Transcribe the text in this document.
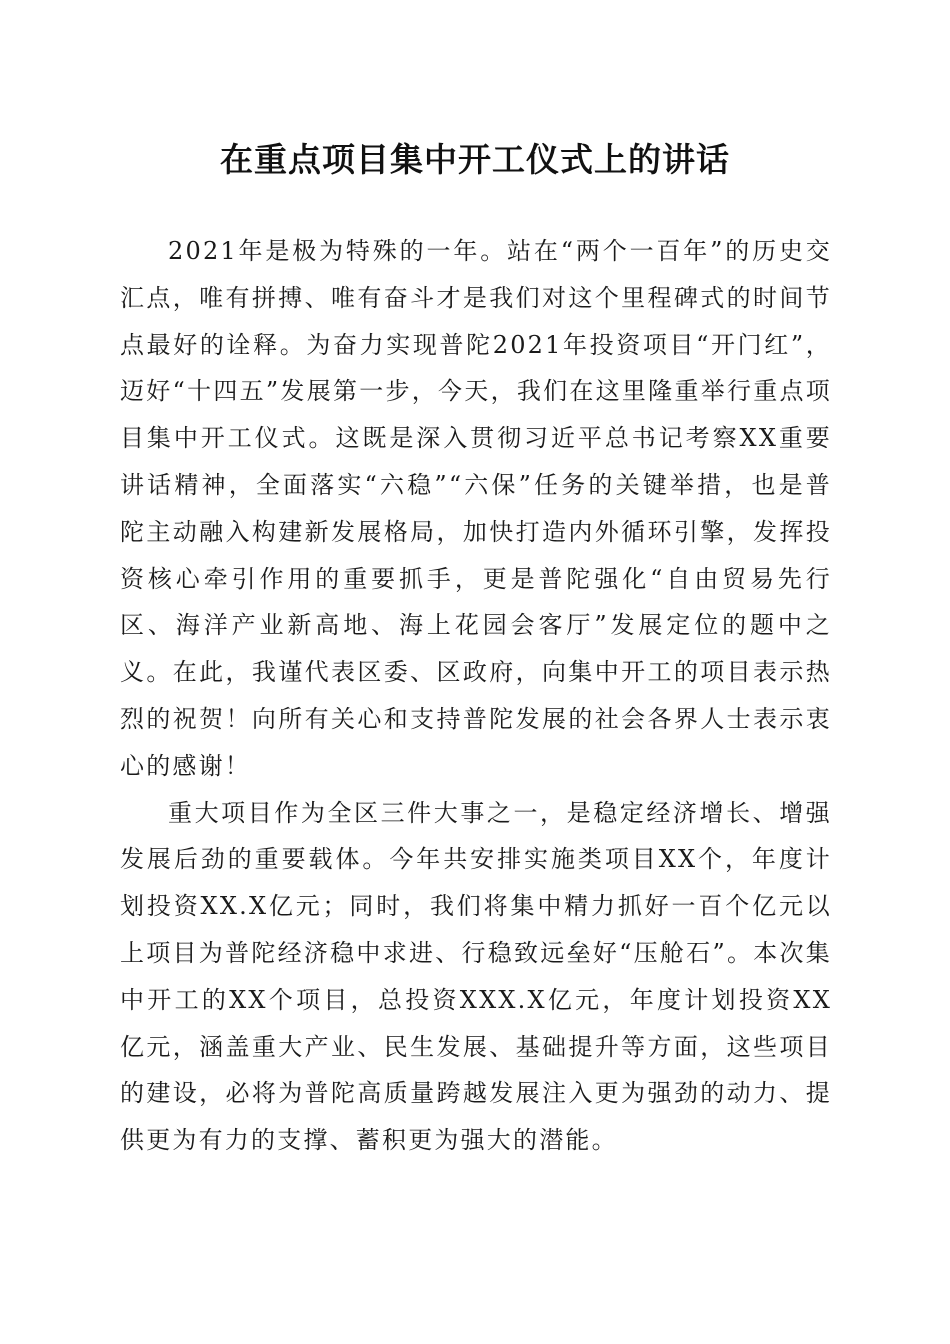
在重点项目集中开工仪式上的讲话

2021年是极为特殊的一年。站在“两个一百年”的历史交汇点，唯有拼搏、唯有奋斗才是我们对这个里程碑式的时间节点最好的诠释。为奋力实现普陀2021年投资项目“开门红”，迈好“十四五”发展第一步，今天，我们在这里隆重举行重点项目集中开工仪式。这既是深入贯彻习近平总书记考察XX重要讲话精神，全面落实“六稳”“六保”任务的关键举措，也是普陀主动融入构建新发展格局，加快打造内外循环引擎，发挥投资核心牵引作用的重要抓手，更是普陀强化“自由贸易先行区、海洋产业新高地、海上花园会客厅”发展定位的题中之义。在此，我谨代表区委、区政府，向集中开工的项目表示热烈的祝贺！向所有关心和支持普陀发展的社会各界人士表示衷心的感谢！

重大项目作为全区三件大事之一，是稳定经济增长、增强发展后劲的重要载体。今年共安排实施类项目XX个，年度计划投资XX.X亿元；同时，我们将集中精力抓好一百个亿元以上项目为普陀经济稳中求进、行稳致远垒好“压舱石”。本次集中开工的XX个项目，总投资XXX.X亿元，年度计划投资XX亿元，涵盖重大产业、民生发展、基础提升等方面，这些项目的建设，必将为普陀高质量跨越发展注入更为强劲的动力、提供更为有力的支撑、蓄积更为强大的潜能。
